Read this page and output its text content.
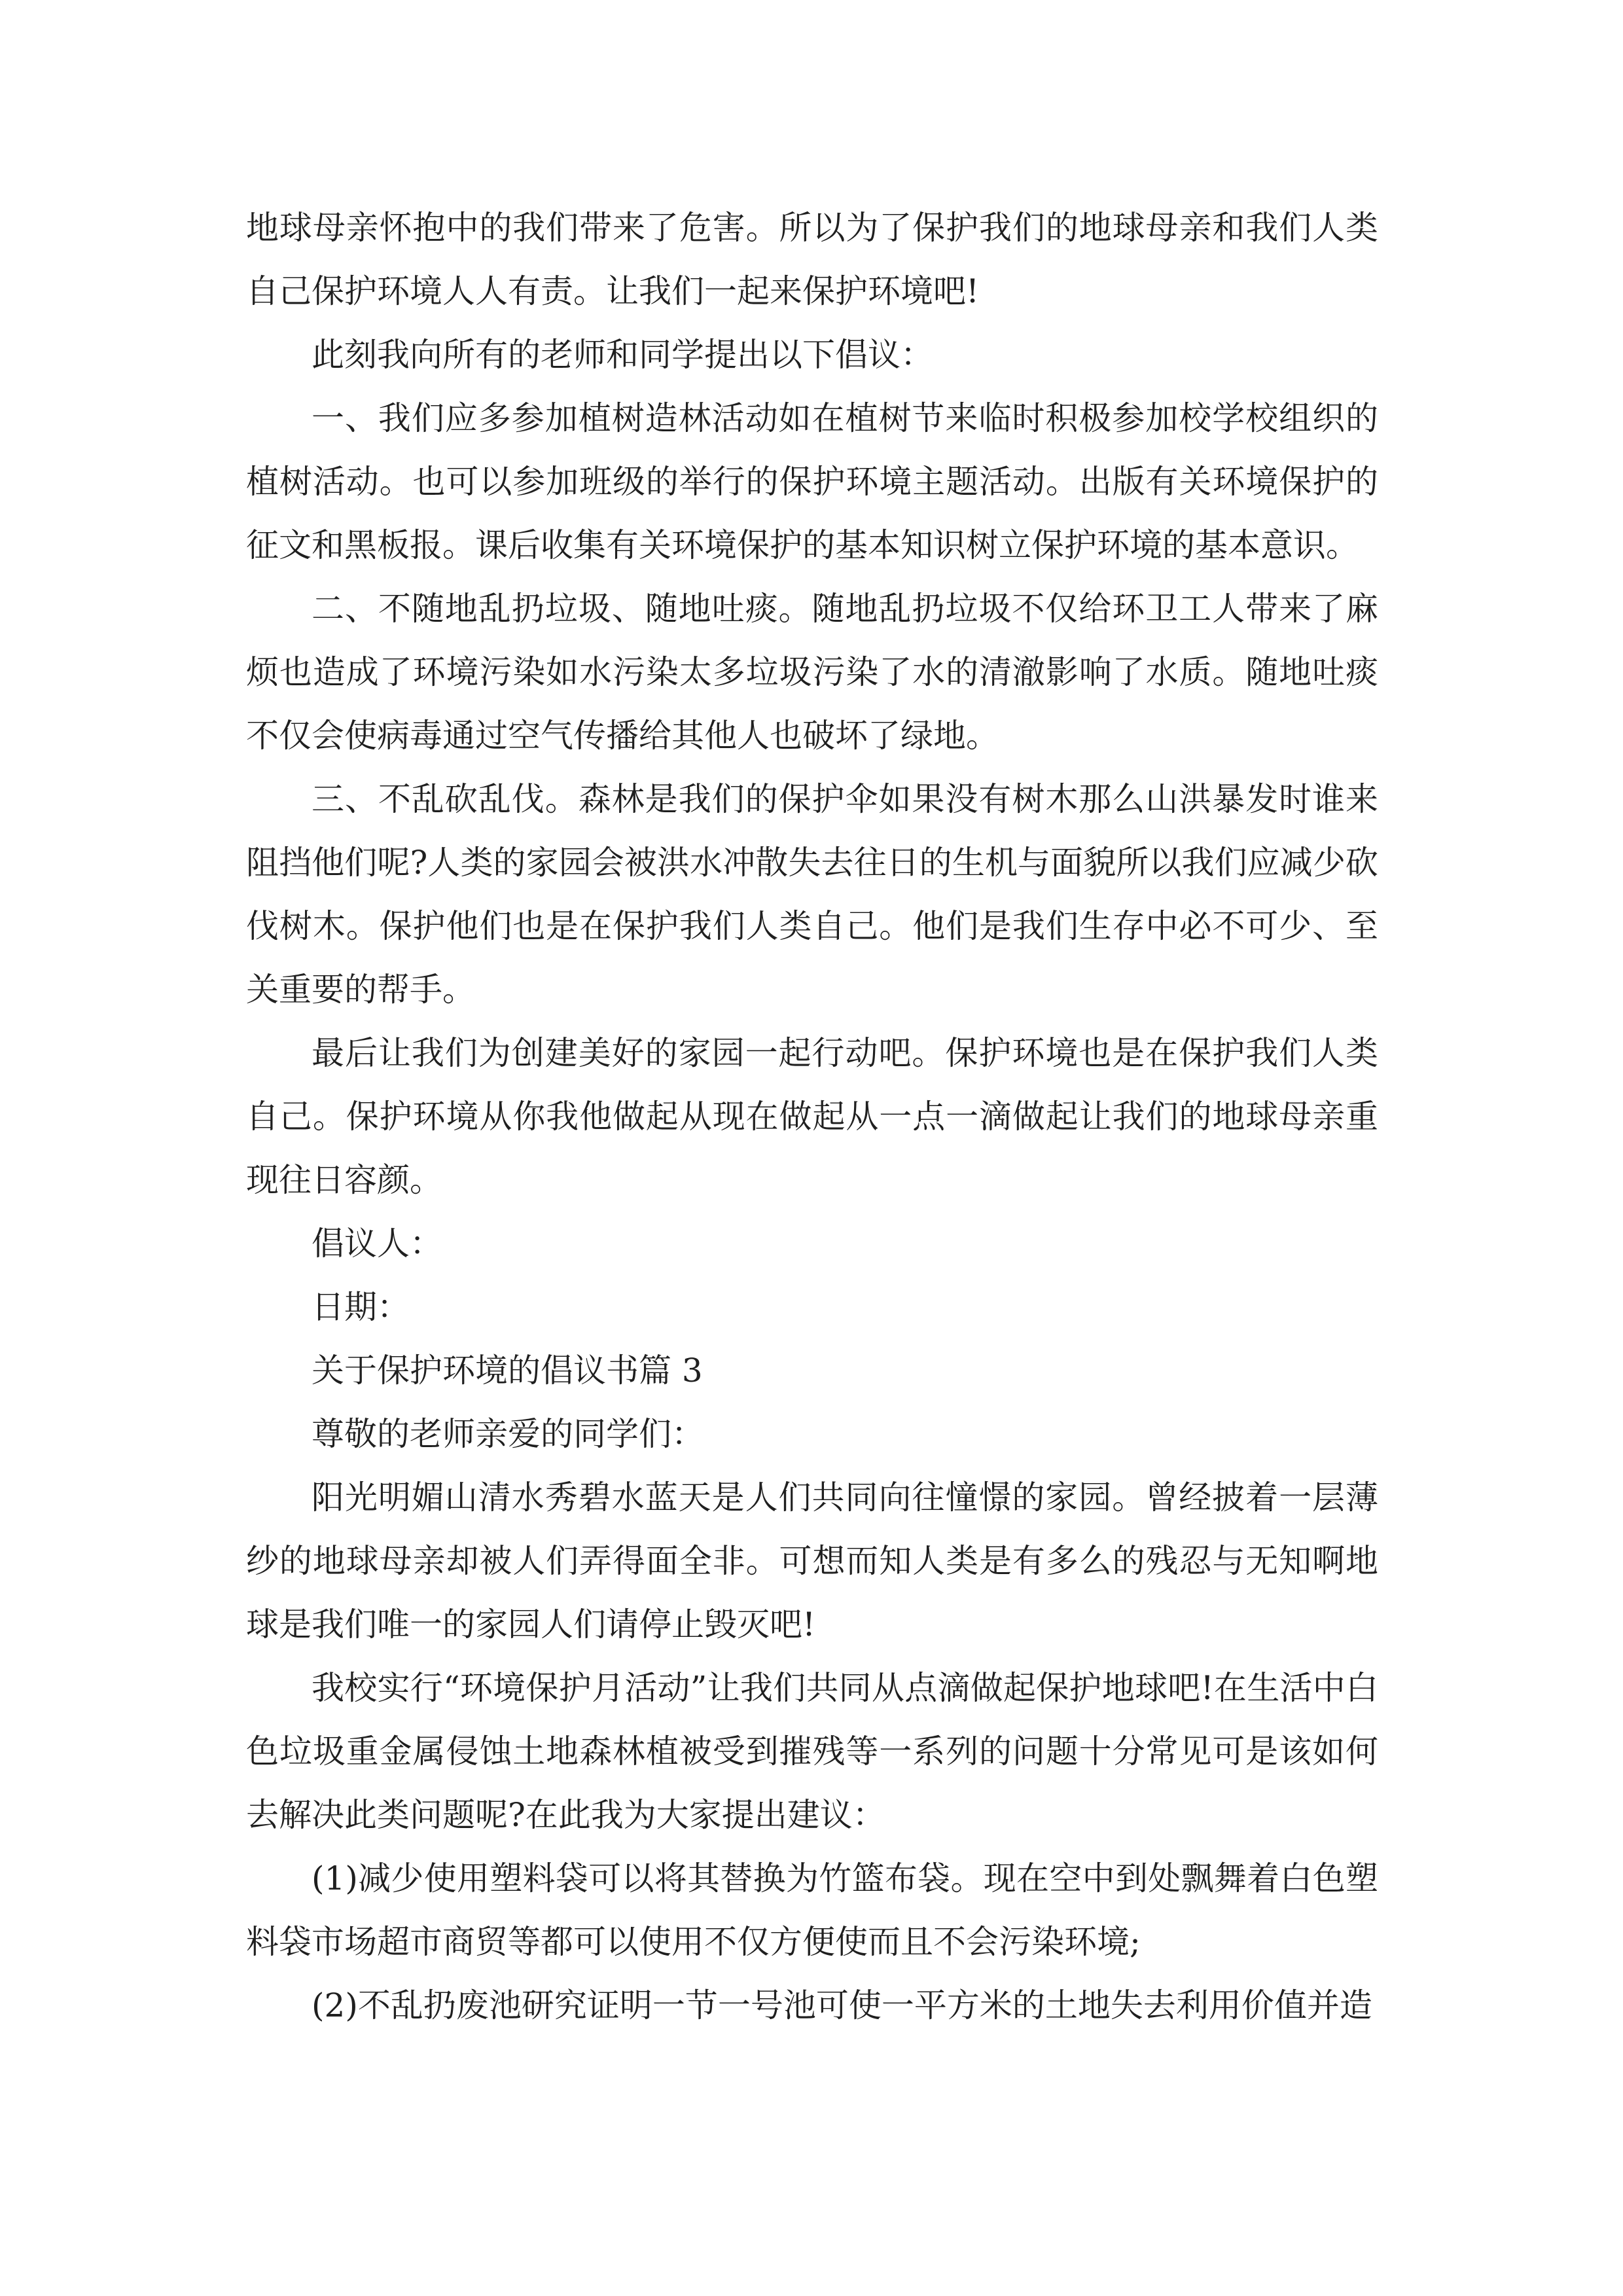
地球母亲怀抱中的我们带来了危害。所以为了保护我们的地球母亲和我们人类自己保护环境人人有责。让我们一起来保护环境吧!

此刻我向所有的老师和同学提出以下倡议：

一、我们应多参加植树造林活动如在植树节来临时积极参加校学校组织的植树活动。也可以参加班级的举行的保护环境主题活动。出版有关环境保护的征文和黑板报。课后收集有关环境保护的基本知识树立保护环境的基本意识。

二、不随地乱扔垃圾、随地吐痰。随地乱扔垃圾不仅给环卫工人带来了麻烦也造成了环境污染如水污染太多垃圾污染了水的清澈影响了水质。随地吐痰不仅会使病毒通过空气传播给其他人也破坏了绿地。

三、不乱砍乱伐。森林是我们的保护伞如果没有树木那么山洪暴发时谁来阻挡他们呢?人类的家园会被洪水冲散失去往日的生机与面貌所以我们应减少砍伐树木。保护他们也是在保护我们人类自己。他们是我们生存中必不可少、至关重要的帮手。

最后让我们为创建美好的家园一起行动吧。保护环境也是在保护我们人类自己。保护环境从你我他做起从现在做起从一点一滴做起让我们的地球母亲重现往日容颜。

倡议人：

日期：

关于保护环境的倡议书篇 3

尊敬的老师亲爱的同学们：

阳光明媚山清水秀碧水蓝天是人们共同向往憧憬的家园。曾经披着一层薄纱的地球母亲却被人们弄得面全非。可想而知人类是有多么的残忍与无知啊地球是我们唯一的家园人们请停止毁灭吧!

我校实行“环境保护月活动”让我们共同从点滴做起保护地球吧!在生活中白色垃圾重金属侵蚀土地森林植被受到摧残等一系列的问题十分常见可是该如何去解决此类问题呢?在此我为大家提出建议：

(1)减少使用塑料袋可以将其替换为竹篮布袋。现在空中到处飘舞着白色塑料袋市场超市商贸等都可以使用不仅方便使而且不会污染环境;

(2)不乱扔废池研究证明一节一号池可使一平方米的土地失去利用价值并造
